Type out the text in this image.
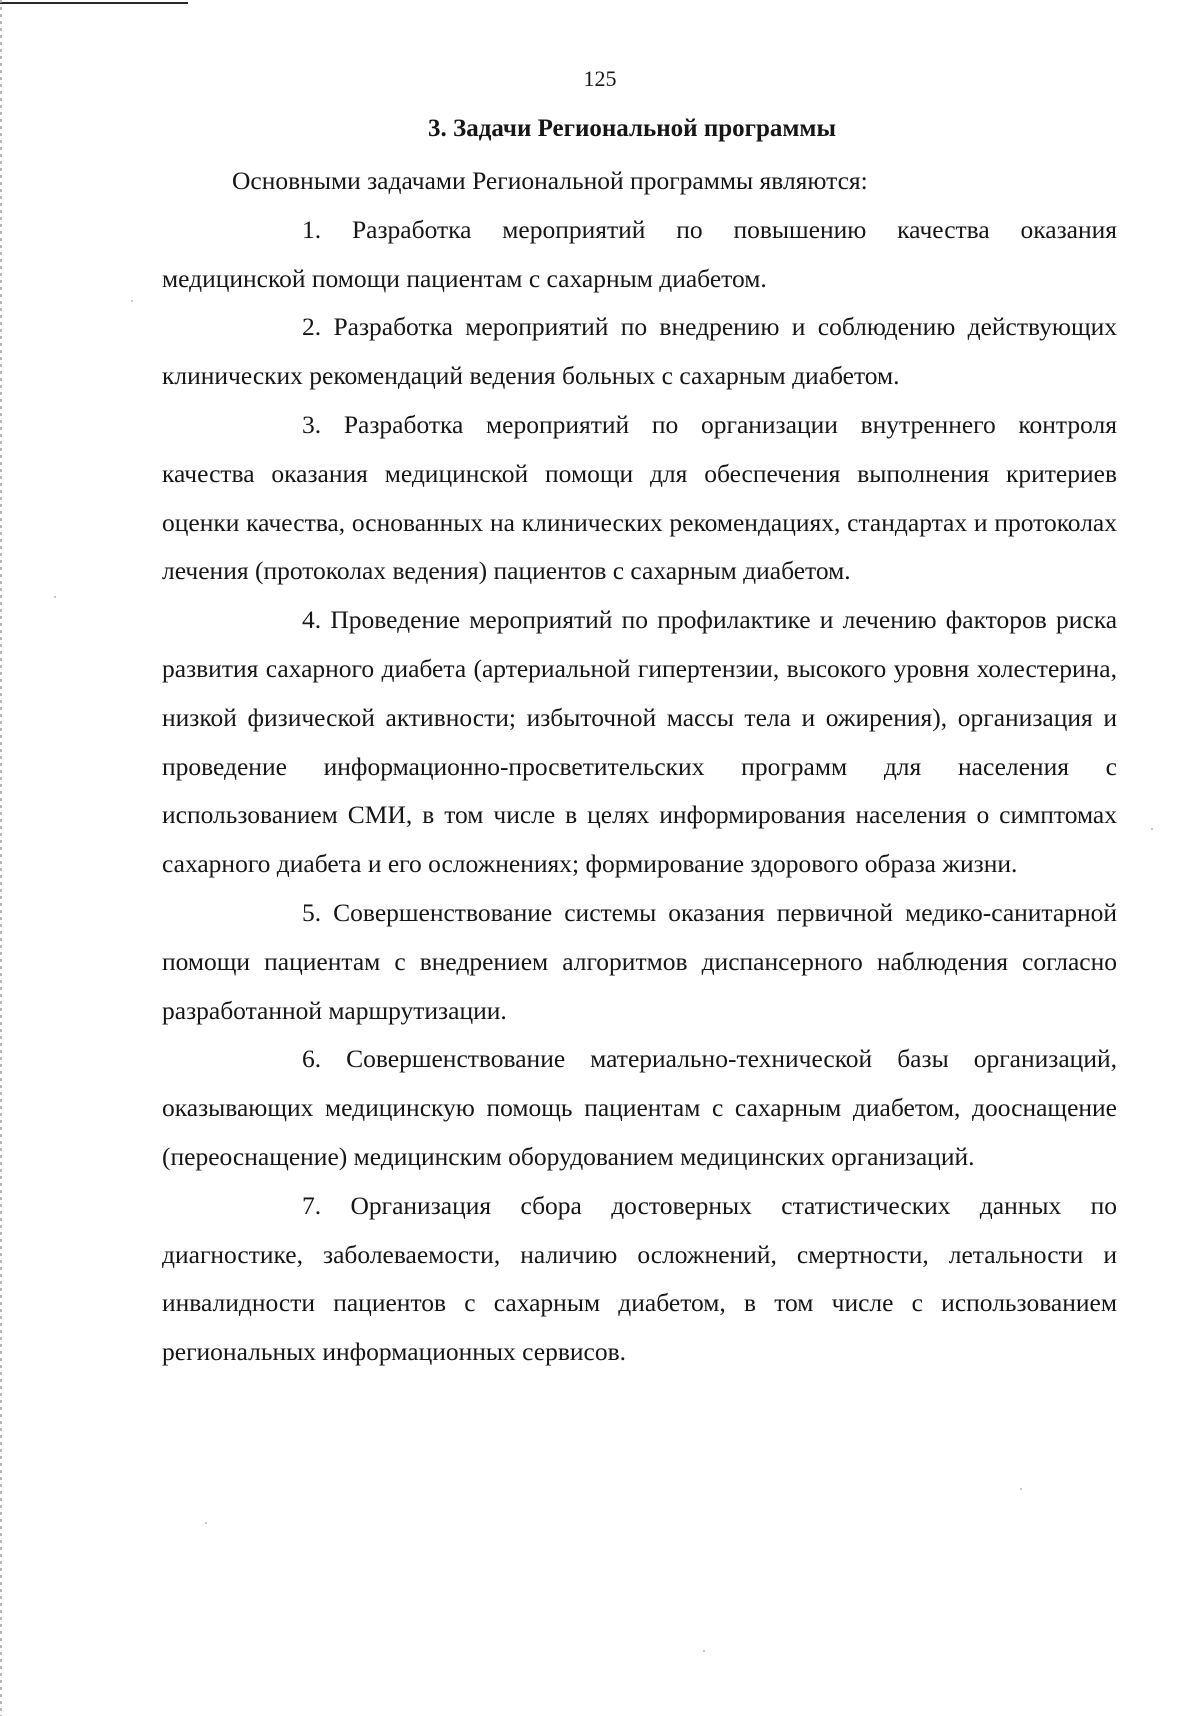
125
3. Задачи Региональной программы

Основными задачами Региональной программы являются:

1. Разработка мероприятий по повышению качества оказания медицинской помощи пациентам с сахарным диабетом.

2. Разработка мероприятий по внедрению и соблюдению действующих клинических рекомендаций ведения больных с сахарным диабетом.

3. Разработка мероприятий по организации внутреннего контроля качества оказания медицинской помощи для обеспечения выполнения критериев оценки качества, основанных на клинических рекомендациях, стандартах и протоколах лечения (протоколах ведения) пациентов с сахарным диабетом.

4. Проведение мероприятий по профилактике и лечению факторов риска развития сахарного диабета (артериальной гипертензии, высокого уровня холестерина, низкой физической активности; избыточной массы тела и ожирения), организация и проведение информационно-просветительских программ для населения с использованием СМИ, в том числе в целях информирования населения о симптомах сахарного диабета и его осложнениях; формирование здорового образа жизни.

5. Совершенствование системы оказания первичной медико-санитарной помощи пациентам с внедрением алгоритмов диспансерного наблюдения согласно разработанной маршрутизации.

6. Совершенствование материально-технической базы организаций, оказывающих медицинскую помощь пациентам с сахарным диабетом, дооснащение (переоснащение) медицинским оборудованием медицинских организаций.

7. Организация сбора достоверных статистических данных по диагностике, заболеваемости, наличию осложнений, смертности, летальности и инвалидности пациентов с сахарным диабетом, в том числе с использованием региональных информационных сервисов.
